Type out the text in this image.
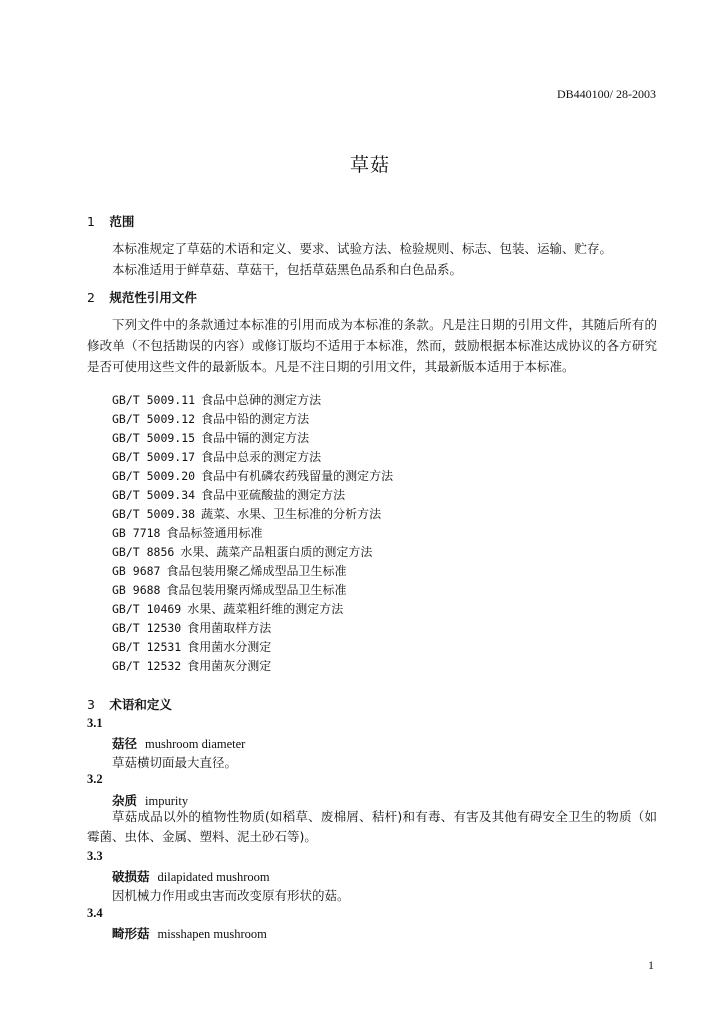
DB440100/ 28-2003
草菇
1 范围
本标准规定了草菇的术语和定义、要求、试验方法、检验规则、标志、包装、运输、贮存。
本标准适用于鲜草菇、草菇干，包括草菇黑色品系和白色品系。
2 规范性引用文件
下列文件中的条款通过本标准的引用而成为本标准的条款。凡是注日期的引用文件，其随后所有的修改单（不包括勘误的内容）或修订版均不适用于本标准，然而，鼓励根据本标准达成协议的各方研究是否可使用这些文件的最新版本。凡是不注日期的引用文件，其最新版本适用于本标准。
GB/T 5009.11 食品中总砷的测定方法
GB/T 5009.12 食品中铅的测定方法
GB/T 5009.15 食品中镉的测定方法
GB/T 5009.17 食品中总汞的测定方法
GB/T 5009.20 食品中有机磷农药残留量的测定方法
GB/T 5009.34 食品中亚硫酸盐的测定方法
GB/T 5009.38 蔬菜、水果、卫生标准的分析方法
GB 7718 食品标签通用标准
GB/T 8856 水果、蔬菜产品粗蛋白质的测定方法
GB 9687 食品包装用聚乙烯成型品卫生标准
GB 9688 食品包装用聚丙烯成型品卫生标准
GB/T 10469 水果、蔬菜粗纤维的测定方法
GB/T 12530 食用菌取样方法
GB/T 12531 食用菌水分测定
GB/T 12532 食用菌灰分测定
3 术语和定义
3.1
菇径 mushroom diameter
草菇横切面最大直径。
3.2
杂质 impurity
草菇成品以外的植物性物质(如稻草、废棉屑、秸杆)和有毒、有害及其他有碍安全卫生的物质（如霉菌、虫体、金属、塑料、泥土砂石等)。
3.3
破损菇 dilapidated mushroom
因机械力作用或虫害而改变原有形状的菇。
3.4
畸形菇 misshapen mushroom
1
